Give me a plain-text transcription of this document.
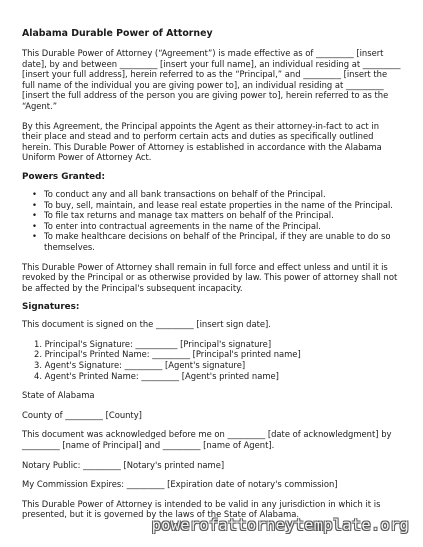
Alabama Durable Power of Attorney

This Durable Power of Attorney (“Agreement”) is made effective as of _________ [insert date], by and between _________ [insert your full name], an individual residing at _________ [insert your full address], herein referred to as the “Principal,” and _________ [insert the full name of the individual you are giving power to], an individual residing at _________ [insert the full address of the person you are giving power to], herein referred to as the “Agent.”

By this Agreement, the Principal appoints the Agent as their attorney-in-fact to act in their place and stead and to perform certain acts and duties as specifically outlined herein. This Durable Power of Attorney is established in accordance with the Alabama Uniform Power of Attorney Act.

Powers Granted:
• To conduct any and all bank transactions on behalf of the Principal.
• To buy, sell, maintain, and lease real estate properties in the name of the Principal.
• To file tax returns and manage tax matters on behalf of the Principal.
• To enter into contractual agreements in the name of the Principal.
• To make healthcare decisions on behalf of the Principal, if they are unable to do so themselves.

This Durable Power of Attorney shall remain in full force and effect unless and until it is revoked by the Principal or as otherwise provided by law. This power of attorney shall not be affected by the Principal's subsequent incapacity.

Signatures:

This document is signed on the _________ [insert sign date].

1. Principal's Signature: __________ [Principal's signature]
2. Principal's Printed Name: _________ [Principal's printed name]
3. Agent's Signature: _________ [Agent's signature]
4. Agent's Printed Name: _________ [Agent's printed name]

State of Alabama

County of _________ [County]

This document was acknowledged before me on _________ [date of acknowledgment] by _________ [name of Principal] and _________ [name of Agent].

Notary Public: _________ [Notary's printed name]

My Commission Expires: _________ [Expiration date of notary's commission]

This Durable Power of Attorney is intended to be valid in any jurisdiction in which it is presented, but it is governed by the laws of the State of Alabama.

powerofattorneytemplate.org
